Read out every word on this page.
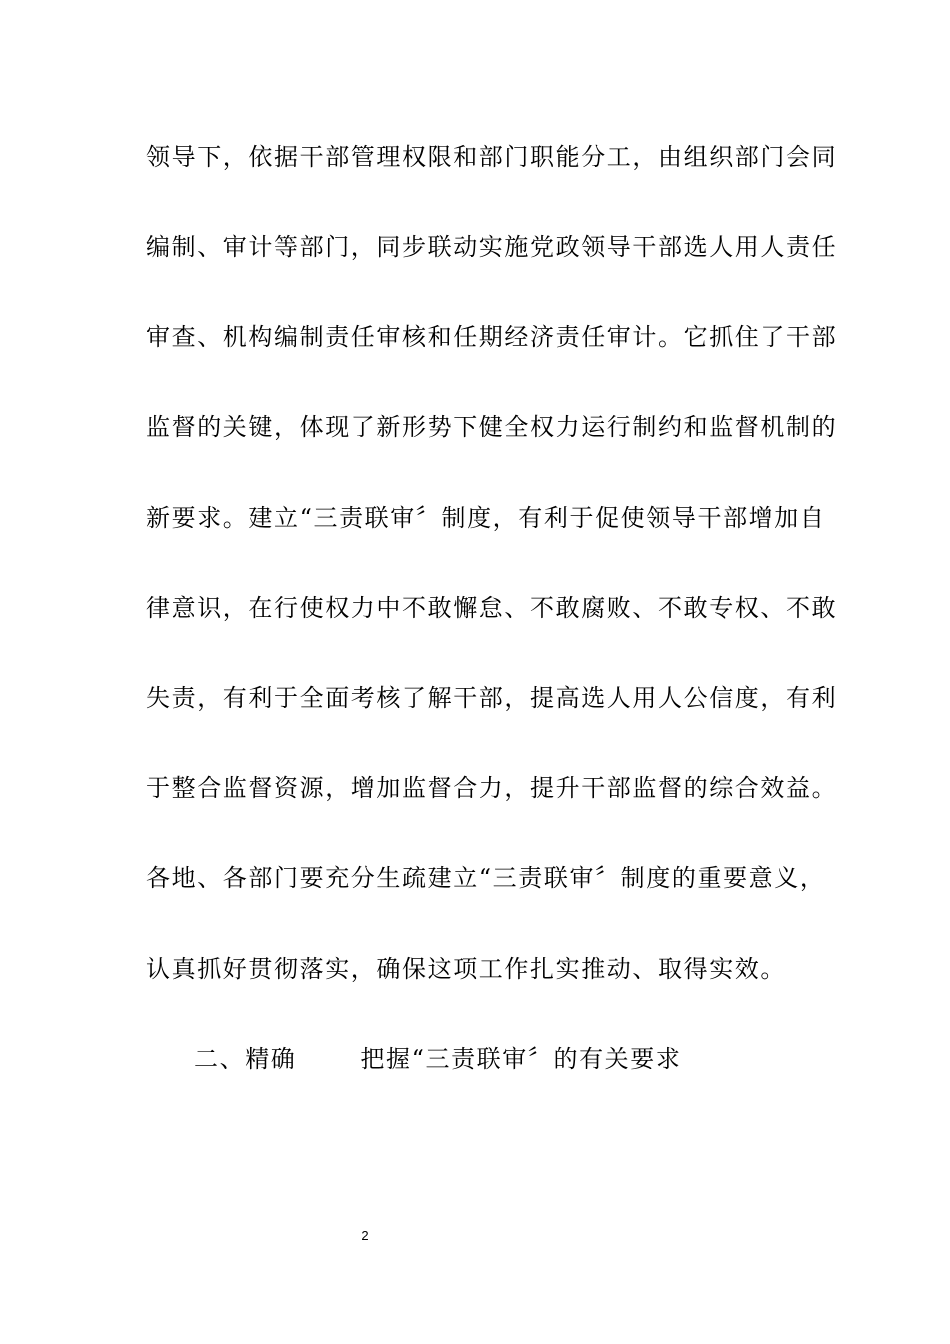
领导下，依据干部管理权限和部门职能分工，由组织部门会同
编制、审计等部门，同步联动实施党政领导干部选人用人责任
审查、机构编制责任审核和任期经济责任审计。它抓住了干部
监督的关键，体现了新形势下健全权力运行制约和监督机制的
新要求。建立“三责联审〞制度，有利于促使领导干部增加自
律意识，在行使权力中不敢懈怠、不敢腐败、不敢专权、不敢
失责，有利于全面考核了解干部，提高选人用人公信度，有利
于整合监督资源，增加监督合力，提升干部监督的综合效益。
各地、各部门要充分生疏建立“三责联审〞制度的重要意义，
认真抓好贯彻落实，确保这项工作扎实推动、取得实效。
二、精确	把握“三责联审〞的有关要求
2
